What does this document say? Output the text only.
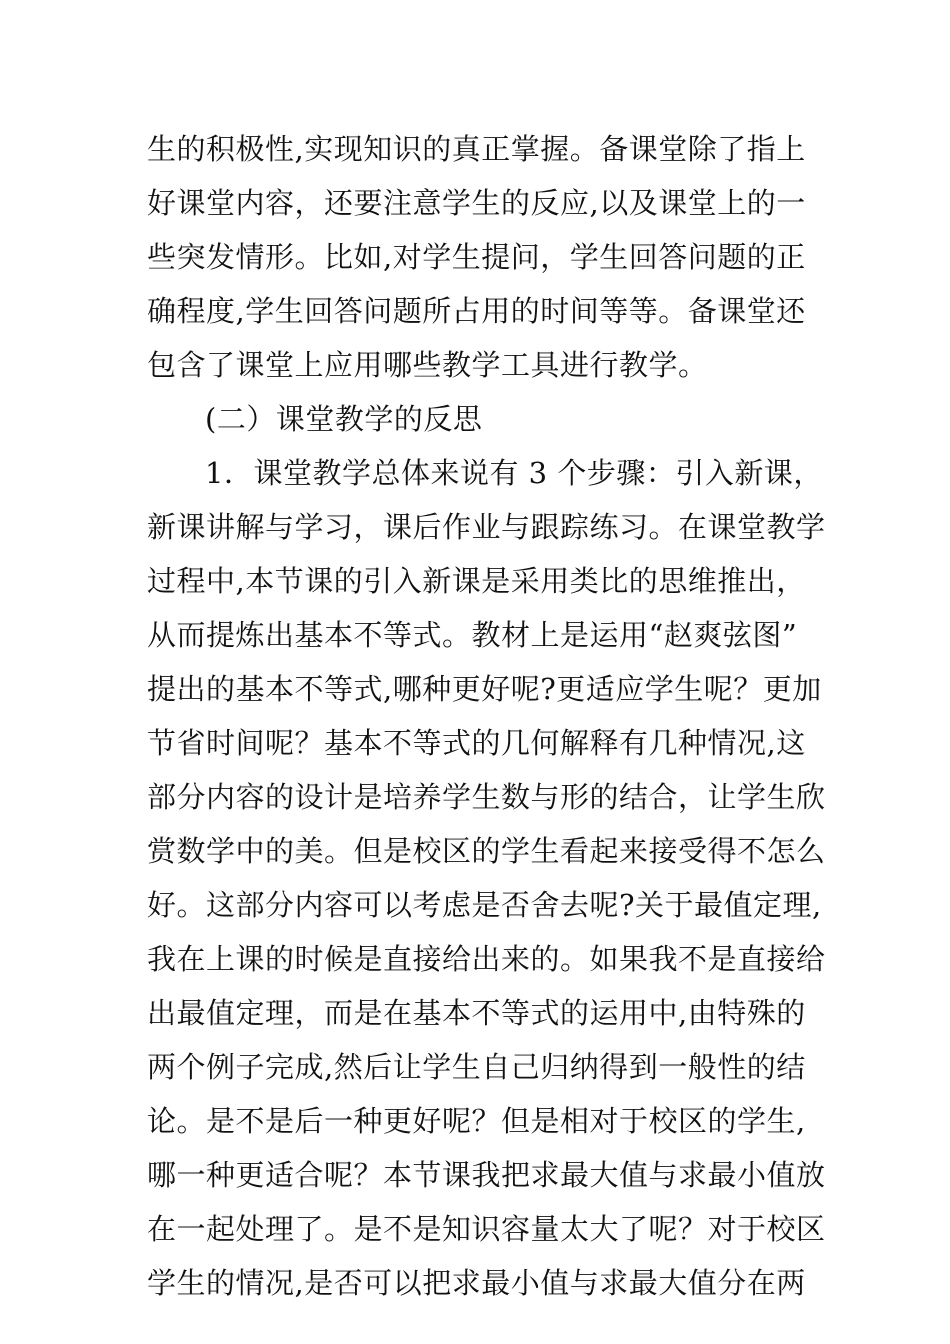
生的积极性,实现知识的真正掌握。备课堂除了指上
好课堂内容，还要注意学生的反应,以及课堂上的一
些突发情形。比如,对学生提问，学生回答问题的正
确程度,学生回答问题所占用的时间等等。备课堂还
包含了课堂上应用哪些教学工具进行教学。
(二）课堂教学的反思
1．课堂教学总体来说有 3 个步骤：引入新课，
新课讲解与学习，课后作业与跟踪练习。在课堂教学
过程中,本节课的引入新课是采用类比的思维推出，
从而提炼出基本不等式。教材上是运用“赵爽弦图”
提出的基本不等式,哪种更好呢?更适应学生呢？更加
节省时间呢？基本不等式的几何解释有几种情况,这
部分内容的设计是培养学生数与形的结合，让学生欣
赏数学中的美。但是校区的学生看起来接受得不怎么
好。这部分内容可以考虑是否舍去呢?关于最值定理,
我在上课的时候是直接给出来的。如果我不是直接给
出最值定理，而是在基本不等式的运用中,由特殊的
两个例子完成,然后让学生自己归纳得到一般性的结
论。是不是后一种更好呢？但是相对于校区的学生,
哪一种更适合呢？本节课我把求最大值与求最小值放
在一起处理了。是不是知识容量太大了呢？对于校区
学生的情况,是否可以把求最小值与求最大值分在两
